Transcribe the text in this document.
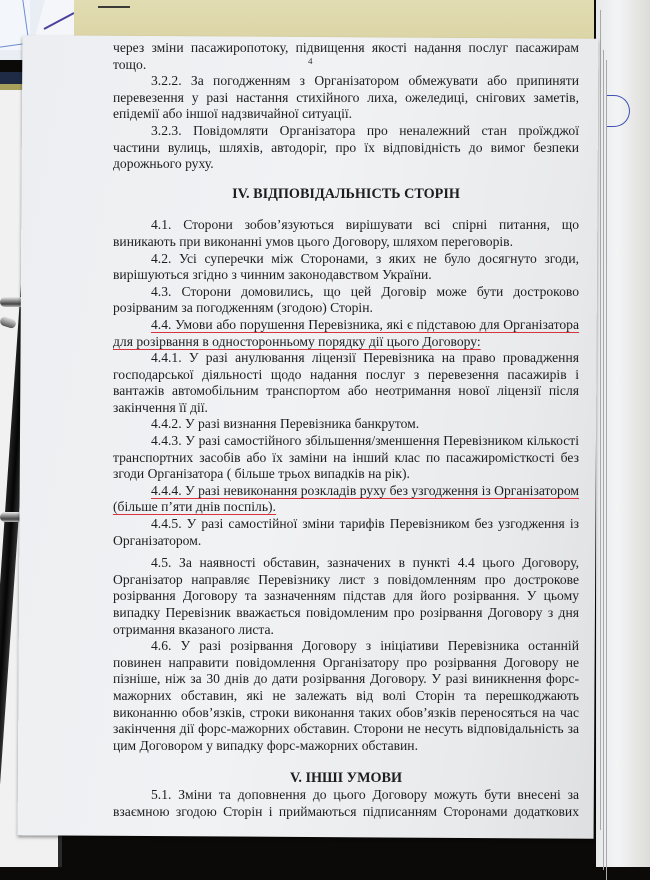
4

через зміни пасажиропотоку, підвищення якості надання послуг пасажирам тощо.

3.2.2. За погодженням з Організатором обмежувати або припиняти перевезення у разі настання стихійного лиха, ожеледиці, снігових заметів, епідемії або іншої надзвичайної ситуації.

3.2.3. Повідомляти Організатора про неналежний стан проїжджої частини вулиць, шляхів, автодоріг, про їх відповідність до вимог безпеки дорожнього руху.

IV. ВІДПОВІДАЛЬНІСТЬ СТОРІН

4.1. Сторони зобов’язуються вирішувати всі спірні питання, що виникають при виконанні умов цього Договору, шляхом переговорів.

4.2. Усі суперечки між Сторонами, з яких не було досягнуто згоди, вирішуються згідно з чинним законодавством України.

4.3. Сторони домовились, що цей Договір може бути достроково розірваним за погодженням (згодою) Сторін.

4.4. Умови або порушення Перевізника, які є підставою для Організатора для розірвання в односторонньому порядку дії цього Договору:

4.4.1. У разі анулювання ліцензії Перевізника на право провадження господарської діяльності щодо надання послуг з перевезення пасажирів і вантажів автомобільним транспортом або неотримання нової ліцензії після закінчення її дії.

4.4.2. У разі визнання Перевізника банкрутом.

4.4.3. У разі самостійного збільшення/зменшення Перевізником кількості транспортних засобів або їх заміни на інший клас по пасажиромісткості без згоди Організатора ( більше трьох випадків на рік).

4.4.4. У разі невиконання розкладів руху без узгодження із Організатором (більше п’яти днів поспіль).

4.4.5. У разі самостійної зміни тарифів Перевізником без узгодження із Організатором.

4.5. За наявності обставин, зазначених в пункті 4.4 цього Договору, Організатор направляє Перевізнику лист з повідомленням про дострокове розірвання Договору та зазначенням підстав для його розірвання. У цьому випадку Перевізник вважається повідомленим про розірвання Договору з дня отримання вказаного листа.

4.6. У разі розірвання Договору з ініціативи Перевізника останній повинен направити повідомлення Організатору про розірвання Договору не пізніше, ніж за 30 днів до дати розірвання Договору. У разі виникнення форс-мажорних обставин, які не залежать від волі Сторін та перешкоджають виконанню обов’язків, строки виконання таких обов’язків переносяться на час закінчення дії форс-мажорних обставин. Сторони не несуть відповідальність за цим Договором у випадку форс-мажорних обставин.

V. ІНШІ УМОВИ

5.1. Зміни та доповнення до цього Договору можуть бути внесені за взаємною згодою Сторін і приймаються підписанням Сторонами додаткових
